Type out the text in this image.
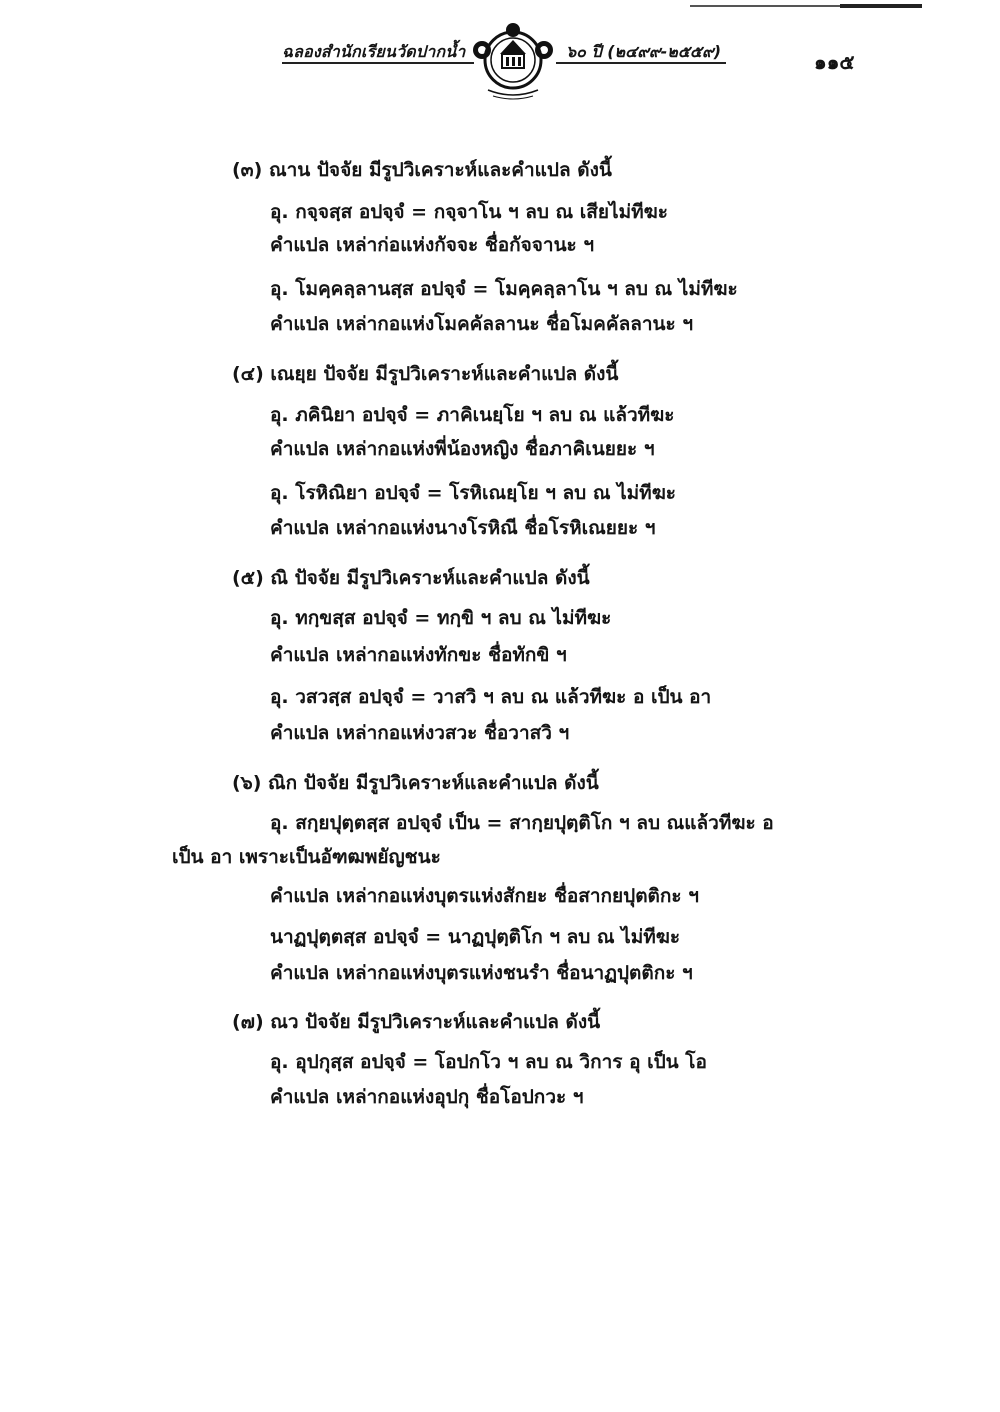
ฉลองสำนักเรียนวัดปากน้ำ	๖๐ ปี (๒๔๙๙-๒๕๕๙)	๑๑๕
(๓) ณาน ปัจจัย มีรูปวิเคราะห์และคำแปล ดังนี้
อุ. กจฺจสฺส อปจฺจํ = กจฺจาโน ฯ ลบ ณ เสียไม่ทีฆะ
คำแปล เหล่าก่อแห่งกัจจะ ชื่อกัจจานะ ฯ
อุ. โมคฺคลฺลานสฺส อปจฺจํ = โมคฺคลฺลาโน ฯ ลบ ณ ไม่ทีฆะ
คำแปล เหล่ากอแห่งโมคคัลลานะ ชื่อโมคคัลลานะ ฯ
(๔) เณยฺย ปัจจัย มีรูปวิเคราะห์และคำแปล ดังนี้
อุ. ภคินิยา อปจฺจํ = ภาคิเนยฺโย ฯ ลบ ณ แล้วทีฆะ
คำแปล เหล่ากอแห่งพี่น้องหญิง ชื่อภาคิเนยยะ ฯ
อุ. โรหิณิยา อปจฺจํ = โรหิเณยฺโย ฯ ลบ ณ ไม่ทีฆะ
คำแปล เหล่ากอแห่งนางโรหิณี ชื่อโรหิเณยยะ ฯ
(๕) ณิ ปัจจัย มีรูปวิเคราะห์และคำแปล ดังนี้
อุ. ทกฺขสฺส อปจฺจํ = ทกฺขิ ฯ ลบ ณ ไม่ทีฆะ
คำแปล เหล่ากอแห่งทักขะ ชื่อทักขิ ฯ
อุ. วสวสฺส อปจฺจํ = วาสวิ ฯ ลบ ณ แล้วทีฆะ อ เป็น อา
คำแปล เหล่ากอแห่งวสวะ ชื่อวาสวิ ฯ
(๖) ณิก ปัจจัย มีรูปวิเคราะห์และคำแปล ดังนี้
อุ. สกฺยปุตฺตสฺส อปจฺจํ เป็น = สากฺยปุตฺติโก ฯ ลบ ณแล้วทีฆะ อ
เป็น อา เพราะเป็นอัฑฒพยัญชนะ
คำแปล เหล่ากอแห่งบุตรแห่งสักยะ ชื่อสากยปุตติกะ ฯ
นาฏปุตฺตสฺส อปจฺจํ = นาฏปุตฺติโก ฯ ลบ ณ ไม่ทีฆะ
คำแปล เหล่ากอแห่งบุตรแห่งชนรำ ชื่อนาฏปุตติกะ ฯ
(๗) ณว ปัจจัย มีรูปวิเคราะห์และคำแปล ดังนี้
อุ. อุปกุสฺส อปจฺจํ = โอปกโว ฯ ลบ ณ วิการ อุ เป็น โอ
คำแปล เหล่ากอแห่งอุปกุ ชื่อโอปกวะ ฯ
